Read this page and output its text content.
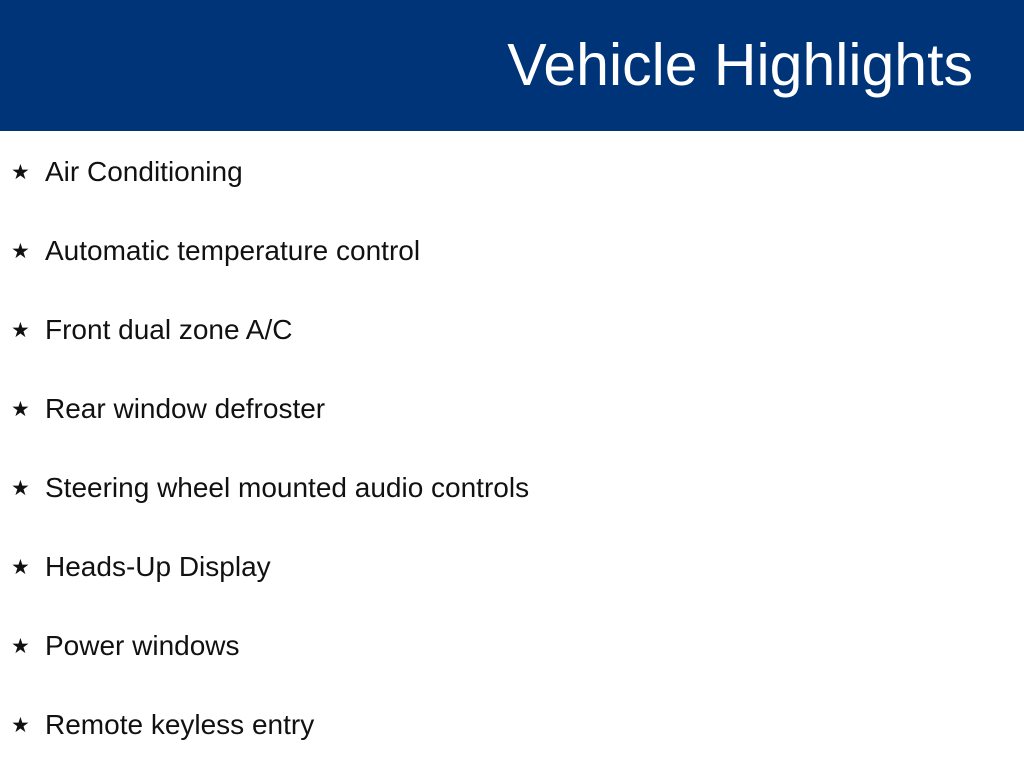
Vehicle Highlights
★ Air Conditioning
★ Automatic temperature control
★ Front dual zone A/C
★ Rear window defroster
★ Steering wheel mounted audio controls
★ Heads-Up Display
★ Power windows
★ Remote keyless entry
